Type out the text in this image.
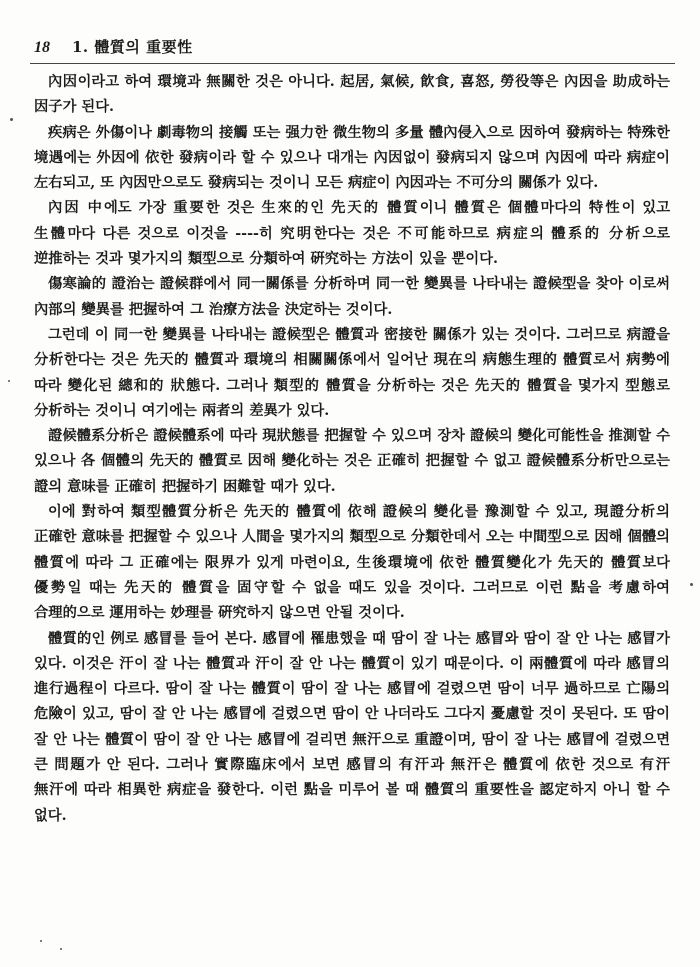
18 1. 體質의 重要性

內因이라고 하여 環境과 無關한 것은 아니다. 起居, 氣候, 飮食, 喜怒, 勞役等은 內因을 助成하는 因子가 된다.

疾病은 外傷이나 劇毒物의 接觸 또는 强力한 微生物의 多量 體內侵入으로 因하여 發病하는 特殊한 境遇에는 外因에 依한 發病이라 할 수 있으나 대개는 內因없이 發病되지 않으며 內因에 따라 病症이 左右되고, 또 內因만으로도 發病되는 것이니 모든 病症이 內因과는 不可分의 關係가 있다.

內因 中에도 가장 重要한 것은 生來的인 先天的 體質이니 體質은 個體마다의 特性이 있고 生體마다 다른 것으로 이것을 ----히 究明한다는 것은 不可能하므로 病症의 體系的 分析으로 逆推하는 것과 몇가지의 類型으로 分類하여 硏究하는 方法이 있을 뿐이다.

傷寒論的 證治는 證候群에서 同一關係를 分析하며 同一한 變異를 나타내는 證候型을 찾아 이로써 內部의 變異를 把握하여 그 治療方法을 決定하는 것이다.

그런데 이 同一한 變異를 나타내는 證候型은 體質과 密接한 關係가 있는 것이다. 그러므로 病證을 分析한다는 것은 先天的 體質과 環境의 相關關係에서 일어난 現在의 病態生理的 體質로서 病勢에 따라 變化된 總和的 狀態다. 그러나 類型的 體質을 分析하는 것은 先天的 體質을 몇가지 型態로 分析하는 것이니 여기에는 兩者의 差異가 있다.

證候體系分析은 證候體系에 따라 現狀態를 把握할 수 있으며 장차 證候의 變化可能性을 推測할 수 있으나 各 個體의 先天的 體質로 因해 變化하는 것은 正確히 把握할 수 없고 證候體系分析만으로는 證의 意味를 正確히 把握하기 困難할 때가 있다.

이에 對하여 類型體質分析은 先天的 體質에 依해 證候의 變化를 豫測할 수 있고, 現證分析의 正確한 意味를 把握할 수 있으나 人間을 몇가지의 類型으로 分類한데서 오는 中間型으로 因해 個體의 體質에 따라 그 正確에는 限界가 있게 마련이요, 生後環境에 依한 體質變化가 先天的 體質보다 優勢일 때는 先天的 體質을 固守할 수 없을 때도 있을 것이다. 그러므로 이런 點을 考慮하여 合理的으로 運用하는 妙理를 硏究하지 않으면 안될 것이다.

體質的인 例로 感冒를 들어 본다. 感冒에 罹患했을 때 땀이 잘 나는 感冒와 땀이 잘 안 나는 感冒가 있다. 이것은 汗이 잘 나는 體質과 汗이 잘 안 나는 體質이 있기 때문이다. 이 兩體質에 따라 感冒의 進行過程이 다르다. 땀이 잘 나는 體質이 땀이 잘 나는 感冒에 걸렸으면 땀이 너무 過하므로 亡陽의 危險이 있고, 땀이 잘 안 나는 感冒에 걸렸으면 땀이 안 나더라도 그다지 憂慮할 것이 못된다. 또 땀이 잘 안 나는 體質이 땀이 잘 안 나는 感冒에 걸리면 無汗으로 重證이며, 땀이 잘 나는 感冒에 걸렸으면 큰 問題가 안 된다. 그러나 實際臨床에서 보면 感冒의 有汗과 無汗은 體質에 依한 것으로 有汗 無汗에 따라 相異한 病症을 發한다. 이런 點을 미루어 볼 때 體質의 重要性을 認定하지 아니 할 수 없다.
